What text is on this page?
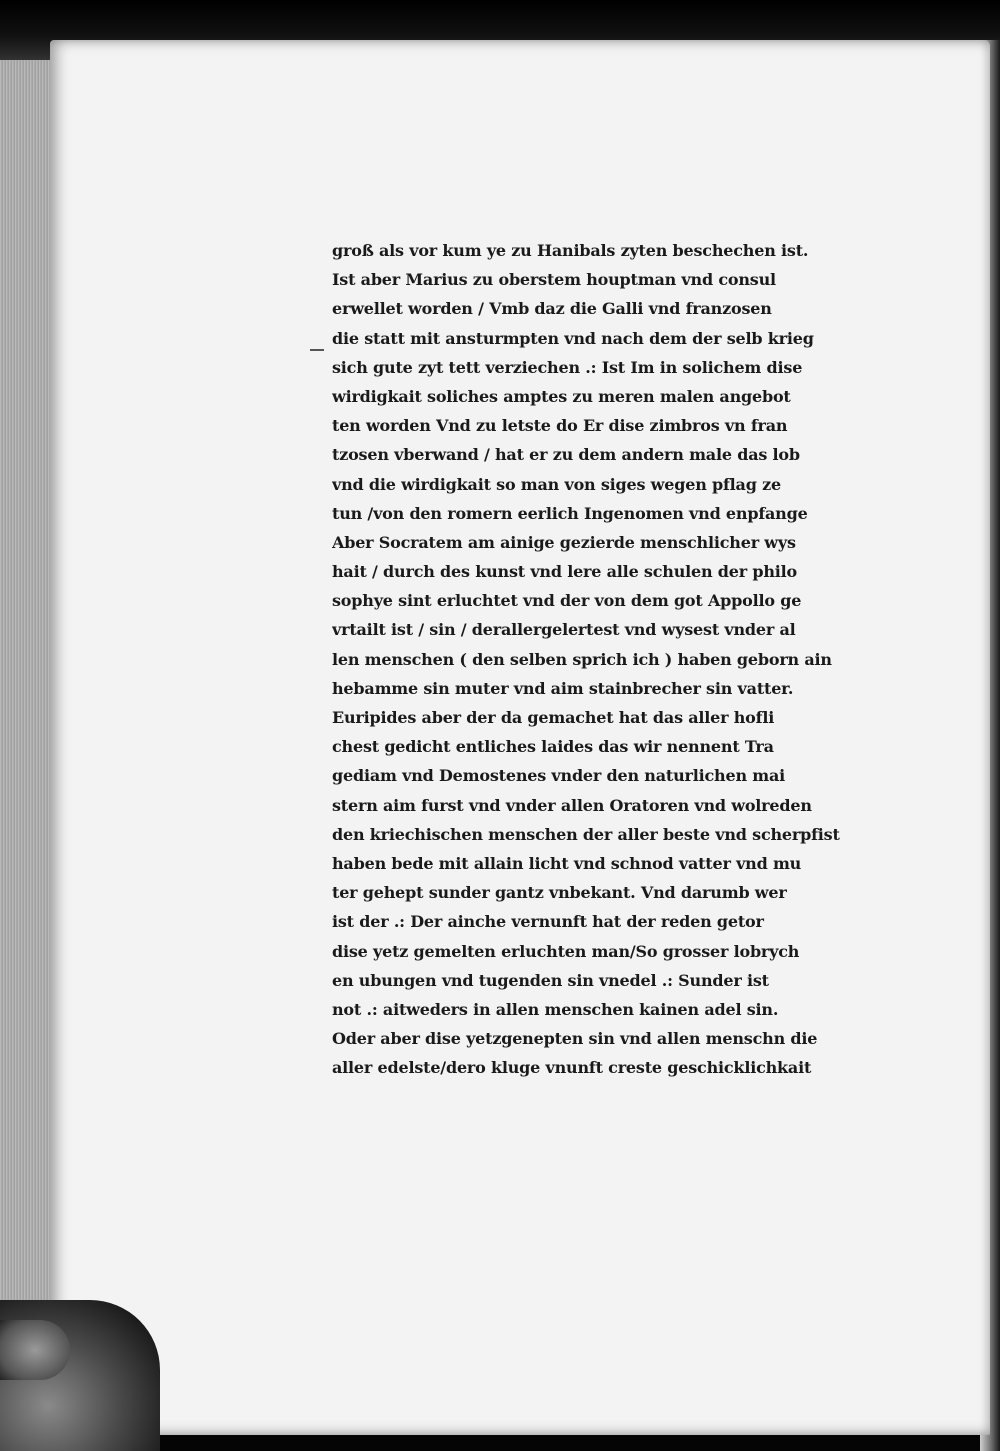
groß als vor kum ye zu Hanibals zyten beschechen ist.
Ist aber Marius zu oberstem houptman vnd consul
erwellet worden / Vmb daz die Galli vnd franzosen
die statt mit ansturmpten vnd nach dem der selb krieg
sich gute zyt tett verziechen .: Ist Im in solichem dise
wirdigkait soliches amptes zu meren malen angebot
ten worden Vnd zu letste do Er dise zimbros vn fran
tzosen vberwand / hat er zu dem andern male das lob
vnd die wirdigkait so man von siges wegen pflag ze
tun /von den romern eerlich Ingenomen vnd enpfange
Aber Socratem am ainige gezierde menschlicher wys
hait / durch des kunst vnd lere alle schulen der philo
sophye sint erluchtet vnd der von dem got Appollo ge
vrtailt ist / sin / derallergelertest vnd wysest vnder al
len menschen ( den selben sprich ich ) haben geborn ain
hebamme sin muter vnd aim stainbrecher sin vatter.
Euripides aber der da gemachet hat das aller hofli
chest gedicht entliches laides das wir nennent Tra
gediam vnd Demostenes vnder den naturlichen mai
stern aim furst vnd vnder allen Oratoren vnd wolreden
den kriechischen menschen der aller beste vnd scherpfist
haben bede mit allain licht vnd schnod vatter vnd mu
ter gehept sunder gantz vnbekant. Vnd darumb wer
ist der .: Der ainche vernunft hat der reden getor
dise yetz gemelten erluchten man/So grosser lobrych
en ubungen vnd tugenden sin vnedel .: Sunder ist
not .: aitweders in allen menschen kainen adel sin.
Oder aber dise yetzgenepten sin vnd allen menschn die
aller edelste/dero kluge vnunft creste geschicklichkait
